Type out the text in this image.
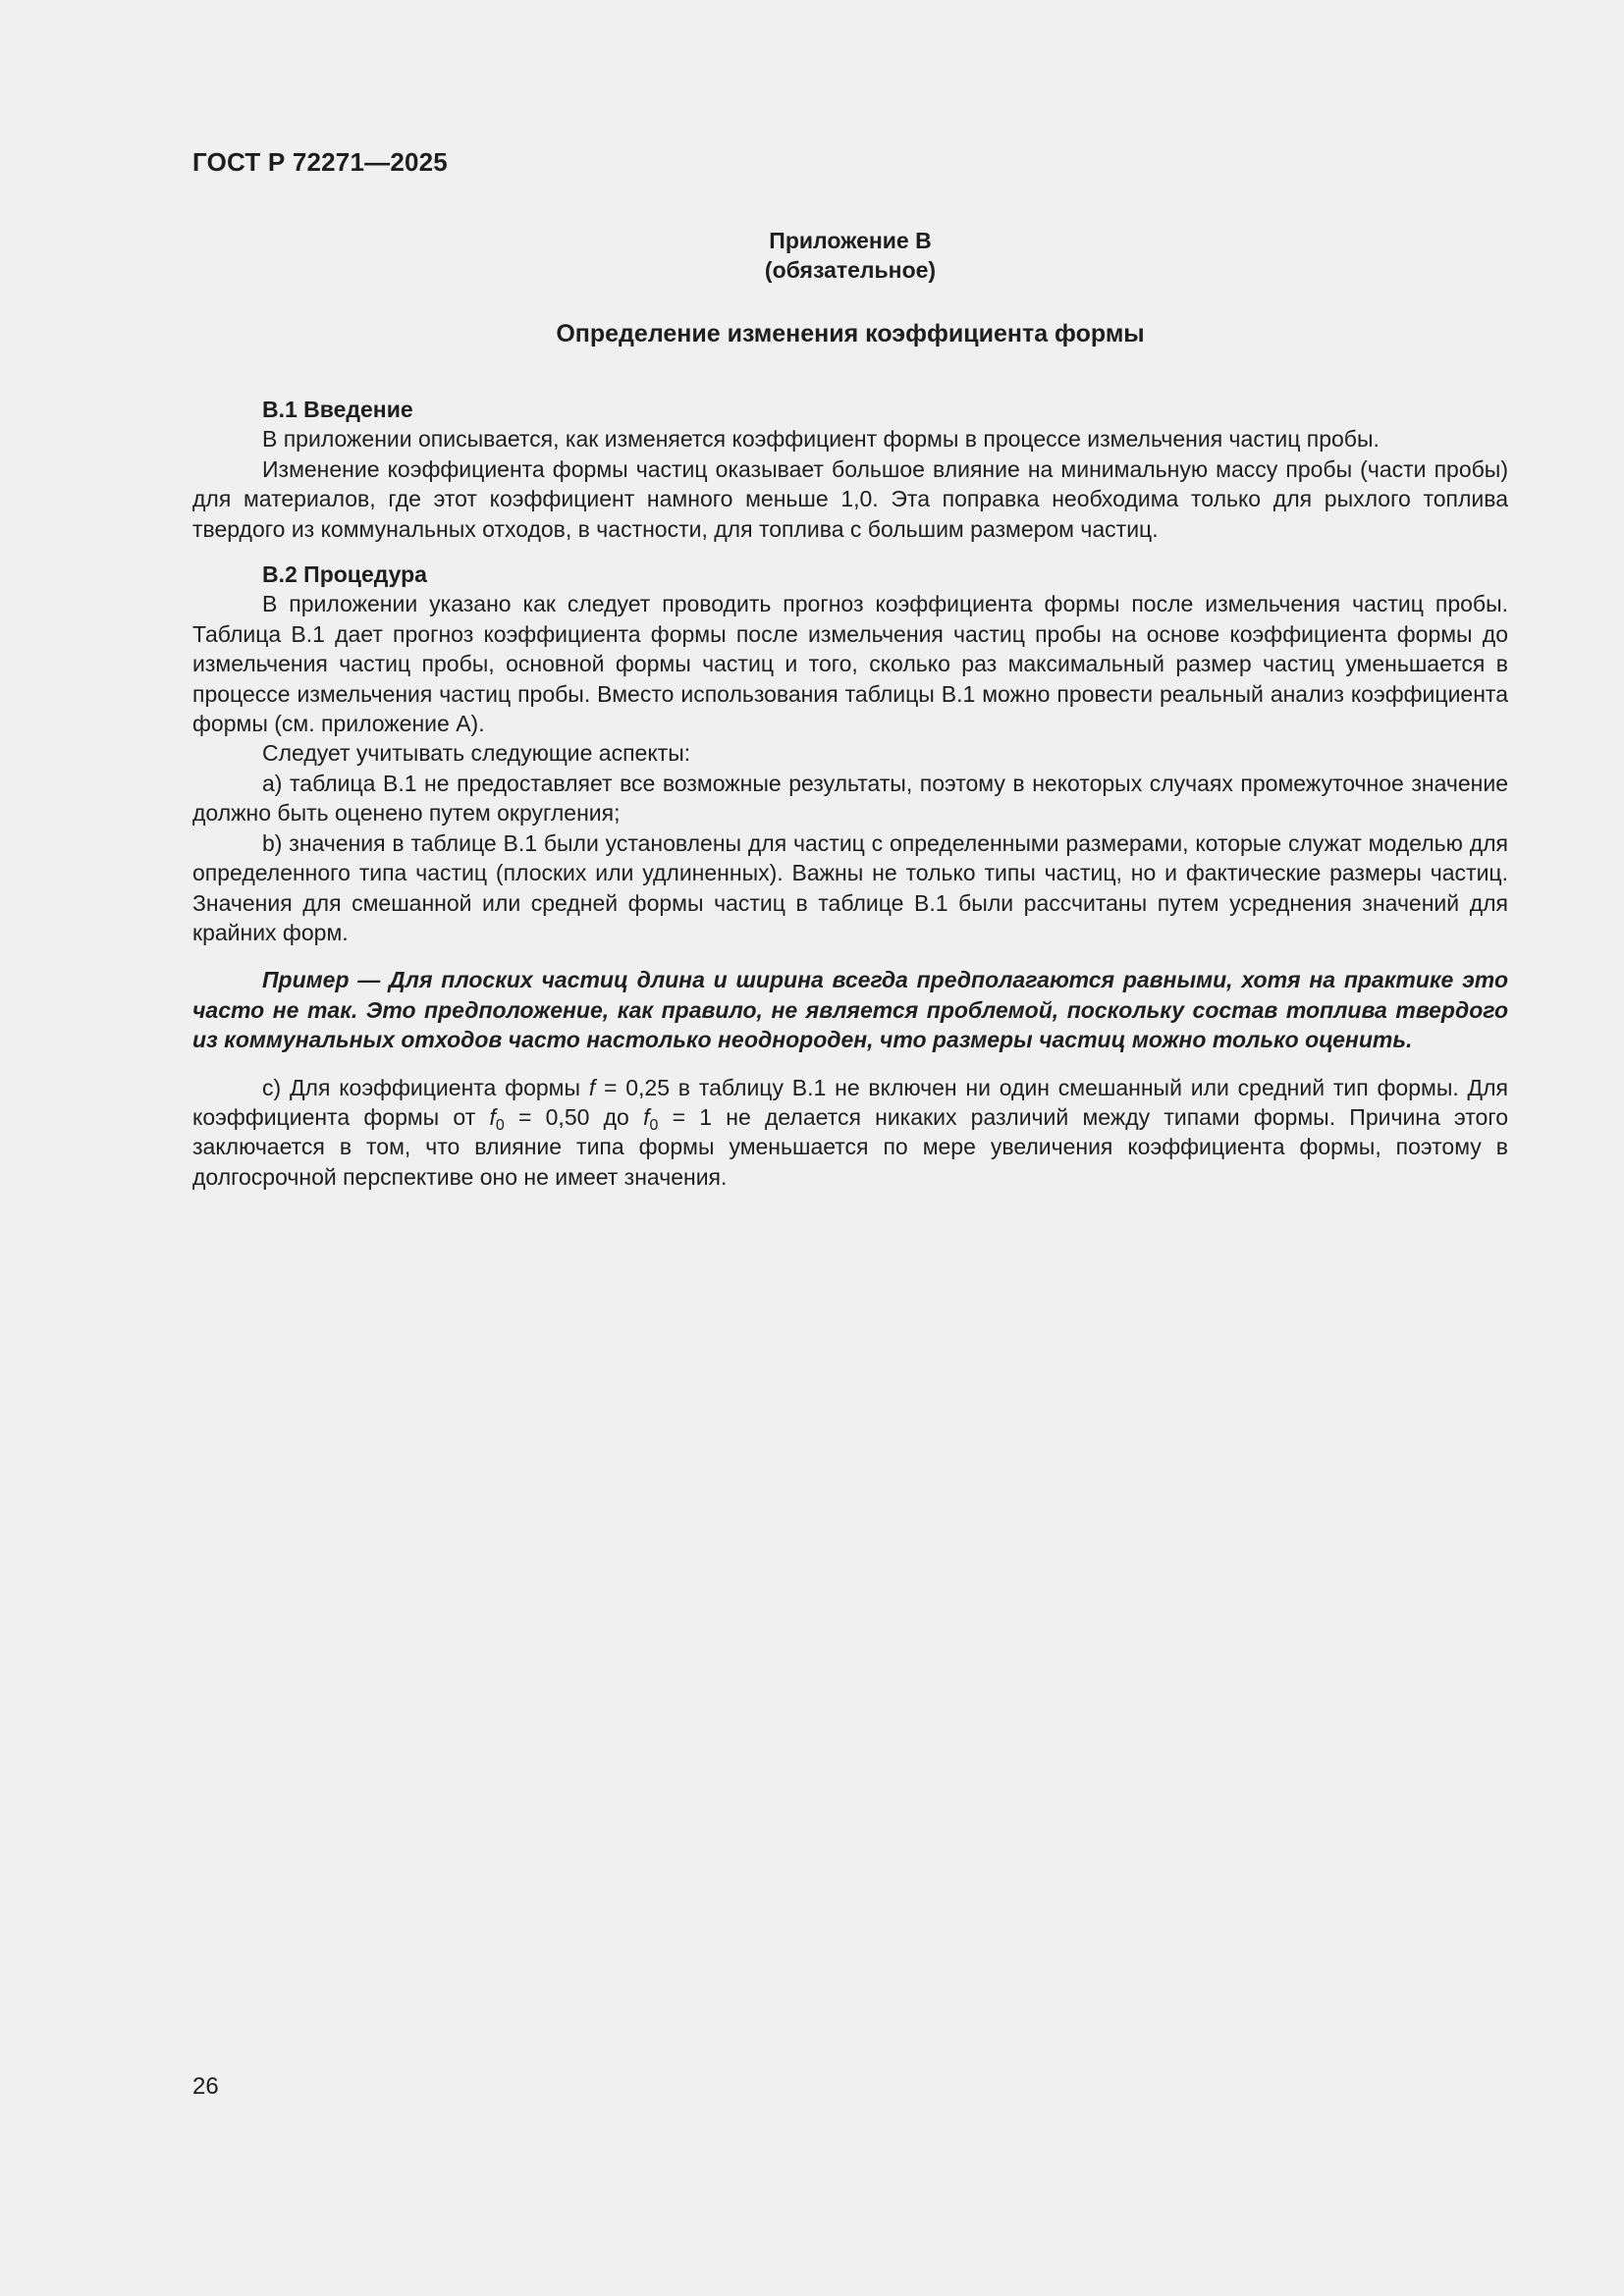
ГОСТ Р 72271—2025
Приложение В
(обязательное)
Определение изменения коэффициента формы
В.1 Введение

В приложении описывается, как изменяется коэффициент формы в процессе измельчения частиц пробы.

Изменение коэффициента формы частиц оказывает большое влияние на минимальную массу пробы (части пробы) для материалов, где этот коэффициент намного меньше 1,0. Эта поправка необходима только для рыхлого топлива твердого из коммунальных отходов, в частности, для топлива с большим размером частиц.

В.2 Процедура

В приложении указано как следует проводить прогноз коэффициента формы после измельчения частиц пробы. Таблица В.1 дает прогноз коэффициента формы после измельчения частиц пробы на основе коэффициента формы до измельчения частиц пробы, основной формы частиц и того, сколько раз максимальный размер частиц уменьшается в процессе измельчения частиц пробы. Вместо использования таблицы В.1 можно провести реальный анализ коэффициента формы (см. приложение А).

Следует учитывать следующие аспекты:

a) таблица В.1 не предоставляет все возможные результаты, поэтому в некоторых случаях промежуточное значение должно быть оценено путем округления;

b) значения в таблице В.1 были установлены для частиц с определенными размерами, которые служат моделью для определенного типа частиц (плоских или удлиненных). Важны не только типы частиц, но и фактические размеры частиц. Значения для смешанной или средней формы частиц в таблице В.1 были рассчитаны путем усреднения значений для крайних форм.

Пример — Для плоских частиц длина и ширина всегда предполагаются равными, хотя на практике это часто не так. Это предположение, как правило, не является проблемой, поскольку состав топлива твердого из коммунальных отходов часто настолько неоднороден, что размеры частиц можно только оценить.

c) Для коэффициента формы f = 0,25 в таблицу В.1 не включен ни один смешанный или средний тип формы. Для коэффициента формы от $f_0 = 0,50$ до $f_0 = 1$ не делается никаких различий между типами формы. Причина этого заключается в том, что влияние типа формы уменьшается по мере увеличения коэффициента формы, поэтому в долгосрочной перспективе оно не имеет значения.

26
